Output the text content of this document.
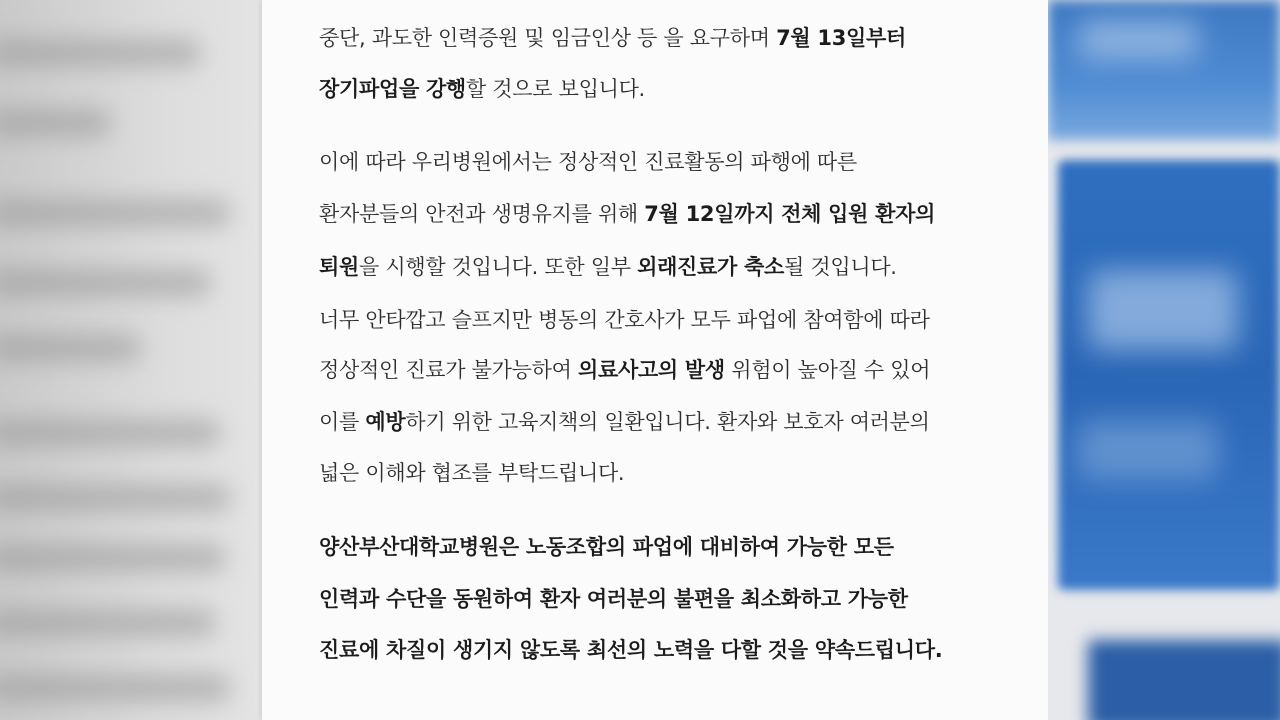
중단, 과도한 인력증원 및 임금인상 등 을 요구하며 7월 13일부터
장기파업을 강행할 것으로 보입니다.
이에 따라 우리병원에서는 정상적인 진료활동의 파행에 따른
환자분들의 안전과 생명유지를 위해 7월 12일까지 전체 입원 환자의
퇴원을 시행할 것입니다. 또한 일부 외래진료가 축소될 것입니다.
너무 안타깝고 슬프지만 병동의 간호사가 모두 파업에 참여함에 따라
정상적인 진료가 불가능하여 의료사고의 발생 위험이 높아질 수 있어
이를 예방하기 위한 고육지책의 일환입니다. 환자와 보호자 여러분의
넓은 이해와 협조를 부탁드립니다.
양산부산대학교병원은 노동조합의 파업에 대비하여 가능한 모든
인력과 수단을 동원하여 환자 여러분의 불편을 최소화하고 가능한
진료에 차질이 생기지 않도록 최선의 노력을 다할 것을 약속드립니다.
